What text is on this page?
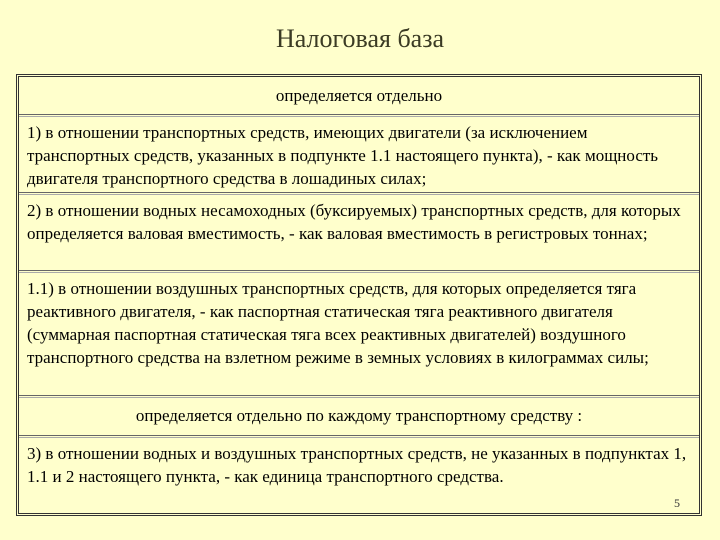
Налоговая база
определяется отдельно
1) в отношении транспортных средств, имеющих двигатели (за исключением транспортных средств, указанных в подпункте 1.1 настоящего пункта), - как мощность двигателя транспортного средства в лошадиных силах;
2) в отношении водных несамоходных (буксируемых) транспортных средств, для которых определяется валовая вместимость, - как валовая вместимость в регистровых тоннах;
1.1) в отношении воздушных транспортных средств, для которых определяется тяга реактивного двигателя, - как паспортная статическая тяга реактивного двигателя (суммарная паспортная статическая тяга всех реактивных двигателей) воздушного транспортного средства на взлетном режиме в земных условиях в килограммах силы;
определяется отдельно по каждому транспортному средству :
3) в отношении водных и воздушных транспортных средств, не указанных в подпунктах 1, 1.1 и 2 настоящего пункта, - как единица транспортного средства.
5
